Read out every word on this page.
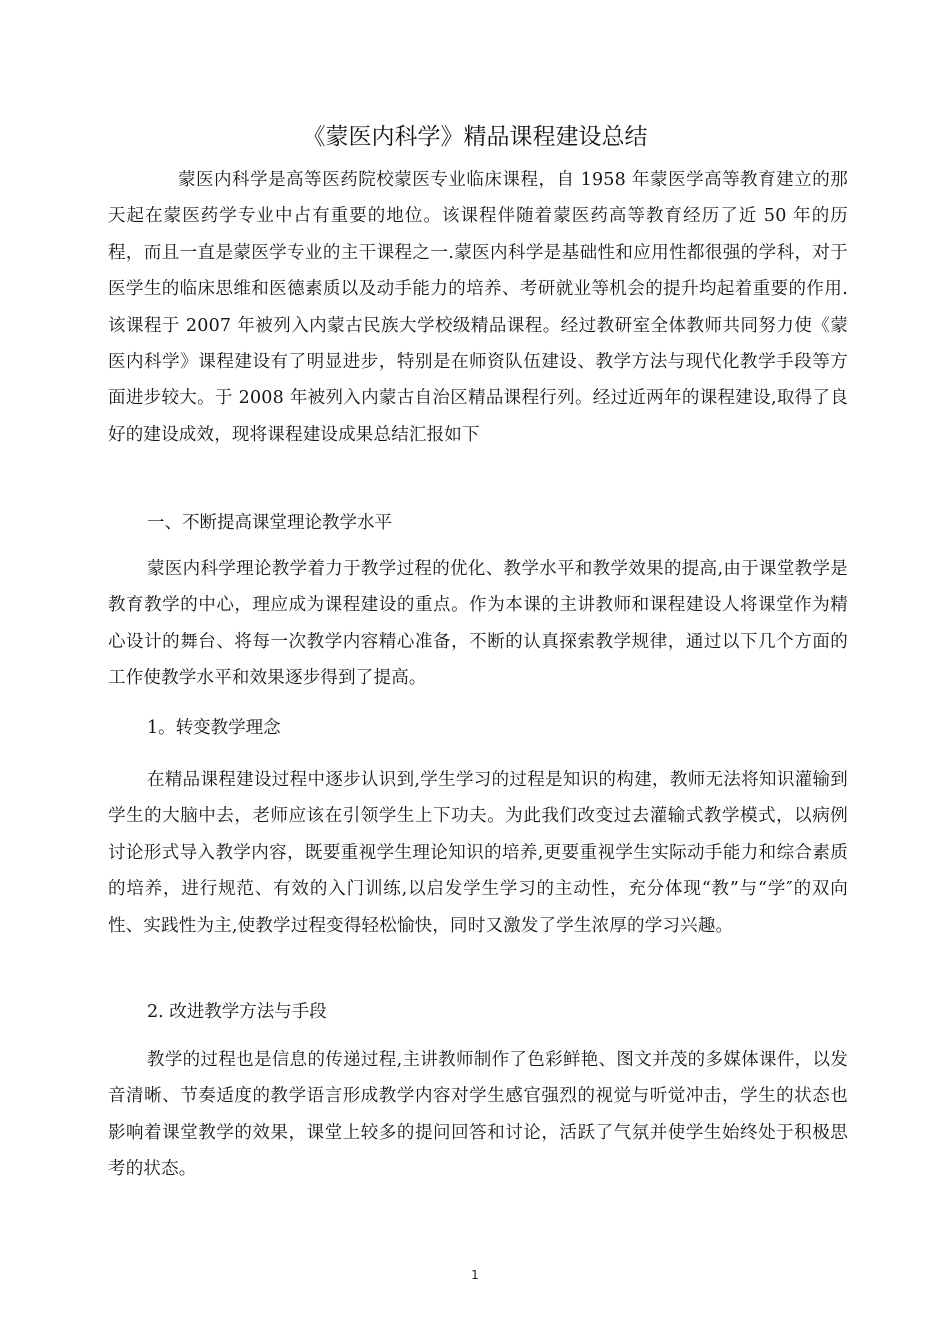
《蒙医内科学》精品课程建设总结
蒙医内科学是高等医药院校蒙医专业临床课程，自 1958 年蒙医学高等教育建立的那天起在蒙医药学专业中占有重要的地位。该课程伴随着蒙医药高等教育经历了近 50 年的历程，而且一直是蒙医学专业的主干课程之一.蒙医内科学是基础性和应用性都很强的学科，对于医学生的临床思维和医德素质以及动手能力的培养、考研就业等机会的提升均起着重要的作用.该课程于 2007 年被列入内蒙古民族大学校级精品课程。经过教研室全体教师共同努力使《蒙医内科学》课程建设有了明显进步，特别是在师资队伍建设、教学方法与现代化教学手段等方面进步较大。于 2008 年被列入内蒙古自治区精品课程行列。经过近两年的课程建设,取得了良好的建设成效，现将课程建设成果总结汇报如下
一、不断提高课堂理论教学水平
蒙医内科学理论教学着力于教学过程的优化、教学水平和教学效果的提高,由于课堂教学是教育教学的中心，理应成为课程建设的重点。作为本课的主讲教师和课程建设人将课堂作为精心设计的舞台、将每一次教学内容精心准备，不断的认真探索教学规律，通过以下几个方面的工作使教学水平和效果逐步得到了提高。
1。转变教学理念
在精品课程建设过程中逐步认识到,学生学习的过程是知识的构建，教师无法将知识灌输到学生的大脑中去，老师应该在引领学生上下功夫。为此我们改变过去灌输式教学模式，以病例讨论形式导入教学内容，既要重视学生理论知识的培养,更要重视学生实际动手能力和综合素质的培养，进行规范、有效的入门训练,以启发学生学习的主动性，充分体现“教”与“学″的双向性、实践性为主,使教学过程变得轻松愉快，同时又激发了学生浓厚的学习兴趣。
2. 改进教学方法与手段
教学的过程也是信息的传递过程,主讲教师制作了色彩鲜艳、图文并茂的多媒体课件，以发音清晰、节奏适度的教学语言形成教学内容对学生感官强烈的视觉与听觉冲击，学生的状态也影响着课堂教学的效果，课堂上较多的提问回答和讨论，活跃了气氛并使学生始终处于积极思考的状态。
1
